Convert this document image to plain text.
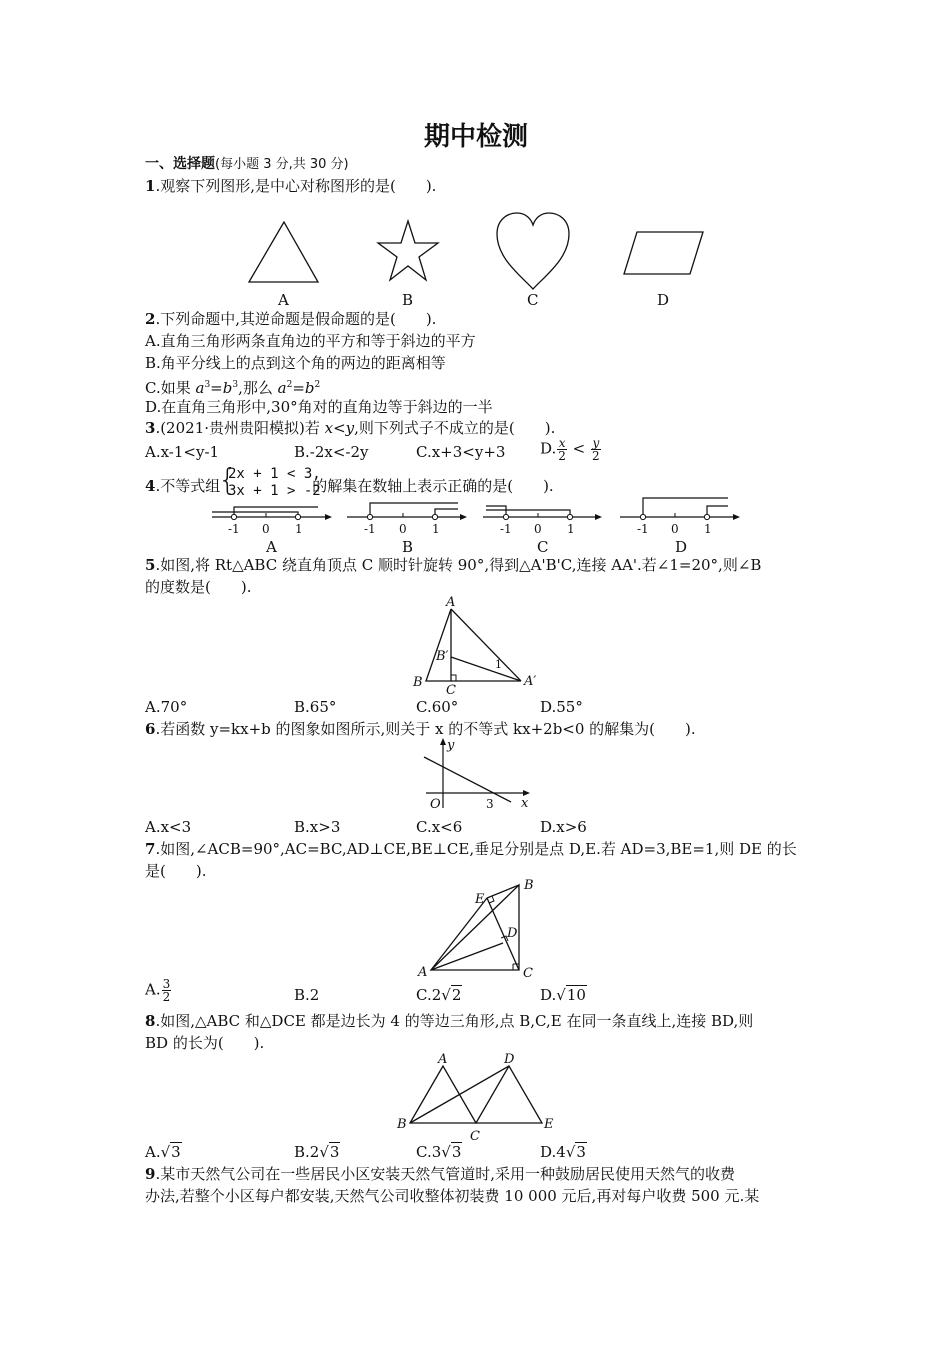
期中检测
一、选择题(每小题 3 分,共 30 分)
1.观察下列图形,是中心对称图形的是(　　).
A	B	C	D
2.下列命题中,其逆命题是假命题的是(　　).
A.直角三角形两条直角边的平方和等于斜边的平方
B.角平分线上的点到这个角的两边的距离相等
C.如果 $a^3=b^3$,那么 $a^2=b^2$
D.在直角三角形中,30°角对的直角边等于斜边的一半
3.(2021·贵州贵阳模拟)若 x<y,则下列式子不成立的是(　　).
A.x-1<y-1	B.-2x<-2y	C.x+3<y+3 D. $\frac{x}{2} < \frac{y}{2}$
4.不等式组	的解集在数轴上表示正确的是(　　).
{
2x + 1 < 3,
3x + 1 > -2
-1 0 1
A
-1 0 1
B
-1 0 1
C
-1 0 1
D
5.如图,将 Rt△ABC 绕直角顶点 C 顺时针旋转 90°,得到△A'B'C,连接 AA'.若∠1=20°,则∠B
的度数是(　　).
A
B
C
B′
A′
1
A.70°	B.65°	C.60°	D.55°
6.若函数 y=kx+b 的图象如图所示,则关于 x 的不等式 kx+2b<0 的解集为(　　).
y
x
O	3
A.x<3	B.x>3	C.x<6	D.x>6
7.如图,∠ACB=90°,AC=BC,AD⊥CE,BE⊥CE,垂足分别是点 D,E.若 AD=3,BE=1,则 DE 的长
是(　　).
B
E
D
A	C
A. $\frac{3}{2}$	B.2	C.2√2	D.√10
8.如图,△ABC 和△DCE 都是边长为 4 的等边三角形,点 B,C,E 在同一条直线上,连接 BD,则
BD 的长为(　　).
A	D
B
C
E
A.√3	B.2√3	C.3√3	D.4√3
9.某市天然气公司在一些居民小区安装天然气管道时,采用一种鼓励居民使用天然气的收费
办法,若整个小区每户都安装,天然气公司收整体初装费 10 000 元后,再对每户收费 500 元.某
